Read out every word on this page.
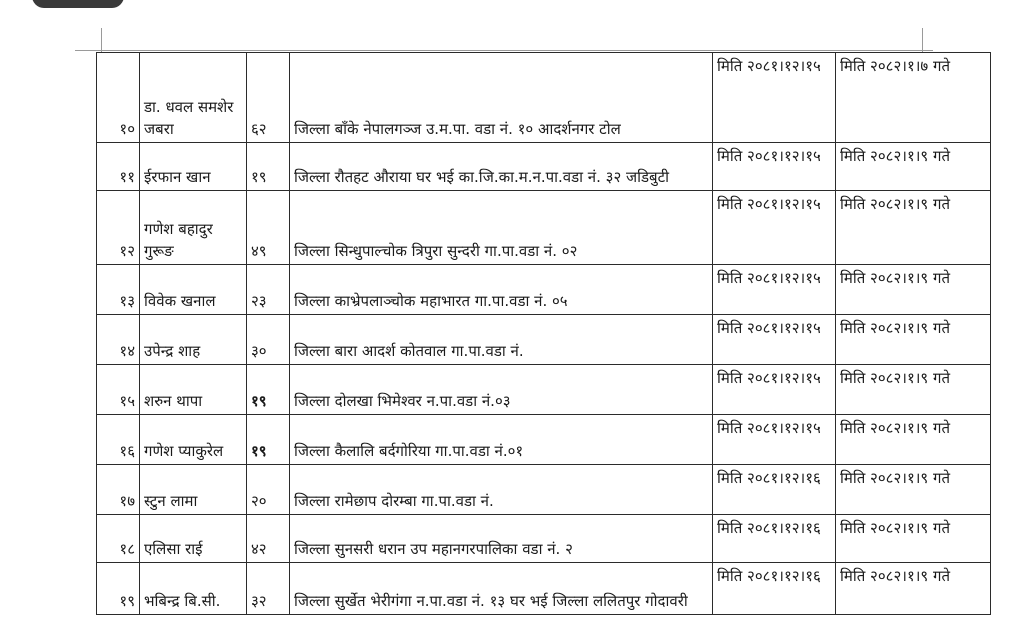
१०	डा. धवल समशेर जबरा	६२	जिल्ला बाँके नेपालगञ्ज उ.म.पा. वडा नं. १० आदर्शनगर टोल	मिति २०८१।१२।१५	मिति २०८२।१।७ गते
११	ईरफान खान	१९	जिल्ला रौतहट औराया घर भई का.जि.का.म.न.पा.वडा नं. ३२ जडिबुटी	मिति २०८१।१२।१५	मिति २०८२।१।९ गते
१२	गणेश बहादुर गुरूङ	४९	जिल्ला सिन्धुपाल्चोक त्रिपुरा सुन्दरी गा.पा.वडा नं. ०२	मिति २०८१।१२।१५	मिति २०८२।१।९ गते
१३	विवेक खनाल	२३	जिल्ला काभ्रेपलाञ्चोक महाभारत गा.पा.वडा नं. ०५	मिति २०८१।१२।१५	मिति २०८२।१।९ गते
१४	उपेन्द्र शाह	३०	जिल्ला बारा आदर्श कोतवाल गा.पा.वडा नं.	मिति २०८१।१२।१५	मिति २०८२।१।९ गते
१५	शरुन थापा	१९	जिल्ला दोलखा भिमेश्वर न.पा.वडा नं.०३	मिति २०८१।१२।१५	मिति २०८२।१।९ गते
१६	गणेश प्याकुरेल	१९	जिल्ला कैलालि बर्दगोरिया गा.पा.वडा नं.०१	मिति २०८१।१२।१५	मिति २०८२।१।९ गते
१७	स्टुन लामा	२०	जिल्ला रामेछाप दोरम्बा गा.पा.वडा नं.	मिति २०८१।१२।१६	मिति २०८२।१।९ गते
१८	एलिसा राई	४२	जिल्ला सुनसरी धरान उप महानगरपालिका वडा नं. २	मिति २०८१।१२।१६	मिति २०८२।१।९ गते
१९	भबिन्द्र बि.सी.	३२	जिल्ला सुर्खेत भेरीगंगा न.पा.वडा नं. १३ घर भई जिल्ला ललितपुर गोदावरी	मिति २०८१।१२।१६	मिति २०८२।१।९ गते
